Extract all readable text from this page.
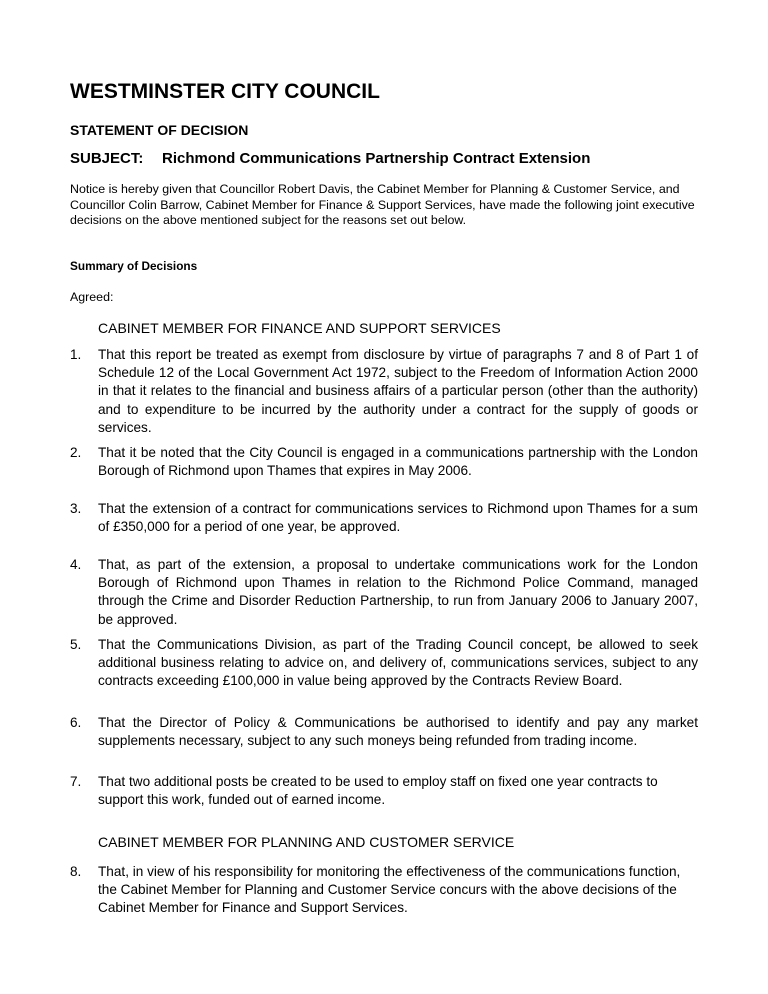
WESTMINSTER CITY COUNCIL

STATEMENT OF DECISION

SUBJECT: Richmond Communications Partnership Contract Extension

Notice is hereby given that Councillor Robert Davis, the Cabinet Member for Planning & Customer Service, and Councillor Colin Barrow, Cabinet Member for Finance & Support Services, have made the following joint executive decisions on the above mentioned subject for the reasons set out below.

Summary of Decisions

Agreed:

CABINET MEMBER FOR FINANCE AND SUPPORT SERVICES

1.	That this report be treated as exempt from disclosure by virtue of paragraphs 7 and 8 of Part 1 of Schedule 12 of the Local Government Act 1972, subject to the Freedom of Information Action 2000 in that it relates to the financial and business affairs of a particular person (other than the authority) and to expenditure to be incurred by the authority under a contract for the supply of goods or services.
2.	That it be noted that the City Council is engaged in a communications partnership with the London Borough of Richmond upon Thames that expires in May 2006.
3.	That the extension of a contract for communications services to Richmond upon Thames for a sum of £350,000 for a period of one year, be approved.
4.	That, as part of the extension, a proposal to undertake communications work for the London Borough of Richmond upon Thames in relation to the Richmond Police Command, managed through the Crime and Disorder Reduction Partnership, to run from January 2006 to January 2007, be approved.
5.	That the Communications Division, as part of the Trading Council concept, be allowed to seek additional business relating to advice on, and delivery of, communications services, subject to any contracts exceeding £100,000 in value being approved by the Contracts Review Board.
6.	That the Director of Policy & Communications be authorised to identify and pay any market supplements necessary, subject to any such moneys being refunded from trading income.
7.	That two additional posts be created to be used to employ staff on fixed one year contracts to support this work, funded out of earned income.

CABINET MEMBER FOR PLANNING AND CUSTOMER SERVICE

8.	That, in view of his responsibility for monitoring the effectiveness of the communications function, the Cabinet Member for Planning and Customer Service concurs with the above decisions of the Cabinet Member for Finance and Support Services.
